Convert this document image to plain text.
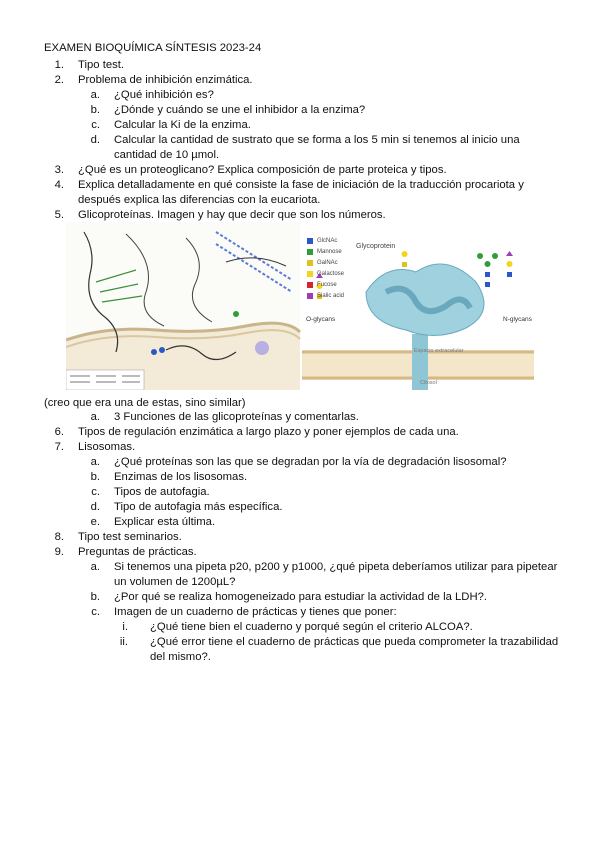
EXAMEN BIOQUÍMICA SÍNTESIS 2023-24
1. Tipo test.
2. Problema de inhibición enzimática.
a. ¿Qué inhibición es?
b. ¿Dónde y cuándo se une el inhibidor a la enzima?
c. Calcular la Ki de la enzima.
d. Calcular la cantidad de sustrato que se forma a los 5 min si tenemos al inicio una
cantidad de 10 µmol.
3. ¿Qué es un proteoglicano? Explica composición de parte proteica y tipos.
4. Explica detalladamente en qué consiste la fase de iniciación de la traducción procariota y
después explica las diferencias con la eucariota.
5. Glicoproteínas. Imagen y hay que decir que son los números.
(creo que era una de estas, sino similar)
a. 3 Funciones de las glicoproteínas y comentarlas.
6. Tipos de regulación enzimática a largo plazo y poner ejemplos de cada una.
7. Lisosomas.
a. ¿Qué proteínas son las que se degradan por la vía de degradación lisosomal?
b. Enzimas de los lisosomas.
c. Tipos de autofagia.
d. Tipo de autofagia más específica.
e. Explicar esta última.
8. Tipo test seminarios.
9. Preguntas de prácticas.
a. Si tenemos una pipeta p20, p200 y p1000, ¿qué pipeta deberíamos utilizar para pipetear
un volumen de 1200µL?
b. ¿Por qué se realiza homogeneizado para estudiar la actividad de la LDH?.
c. Imagen de un cuaderno de prácticas y tienes que poner:
i. ¿Qué tiene bien el cuaderno y porqué según el criterio ALCOA?.
ii. ¿Qué error tiene el cuaderno de prácticas que pueda comprometer la trazabilidad
del mismo?.
Glycoprotein
GlcNAc
Mannose
GalNAc
Galactose
Fucose
Sialic acid
O-glycans	N-glycans
Espacio extracelular
Citosol
